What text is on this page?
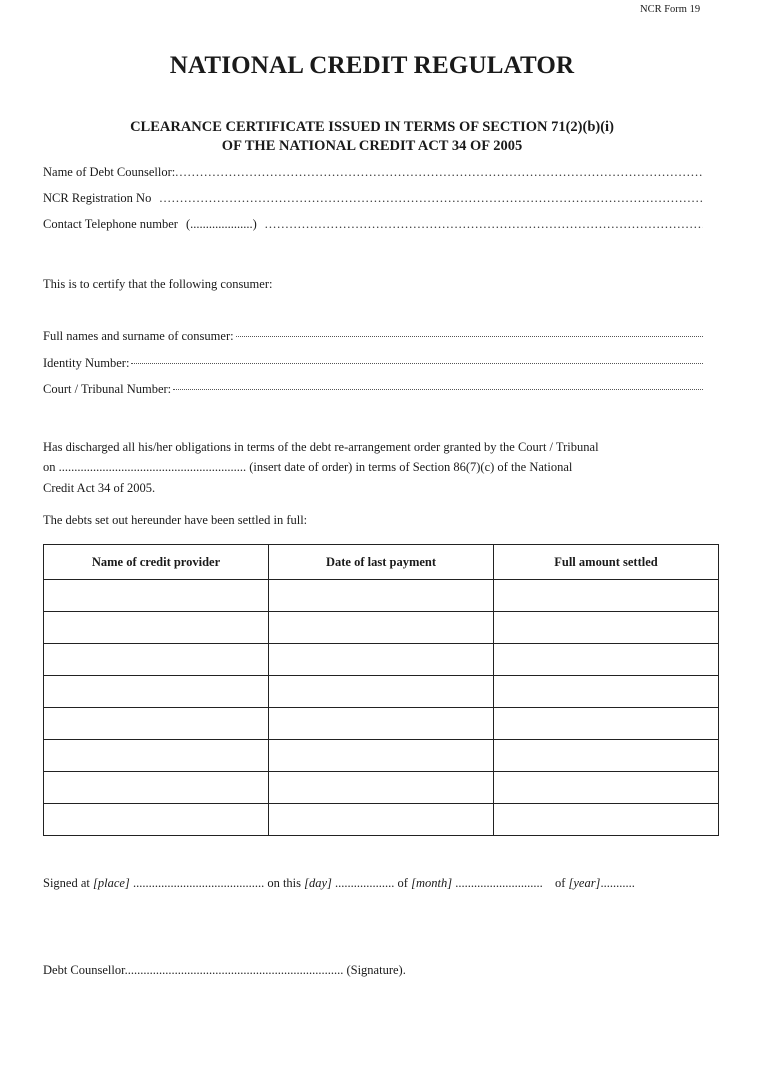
NCR Form 19
NATIONAL CREDIT REGULATOR
CLEARANCE CERTIFICATE ISSUED IN TERMS OF SECTION 71(2)(b)(i)
OF THE NATIONAL CREDIT ACT 34 OF 2005
Name of Debt Counsellor:
.....
NCR Registration No
.....
Contact Telephone number (....................)
.....
This is to certify that the following consumer:
Full names and surname of consumer:
Identity Number:
Court / Tribunal Number:
Has discharged all his/her obligations in terms of the debt re-arrangement order granted by the Court / Tribunal
on ............................................................ (insert date of order) in terms of Section 86(7)(c) of the National
Credit Act 34 of 2005.
The debts set out hereunder have been settled in full:
Name of credit provider	Date of last payment	Full amount settled

Signed at [place] .......................................... on this [day] ................... of [month] ............................ of [year]...........
Debt Counsellor...................................................................... (Signature).
